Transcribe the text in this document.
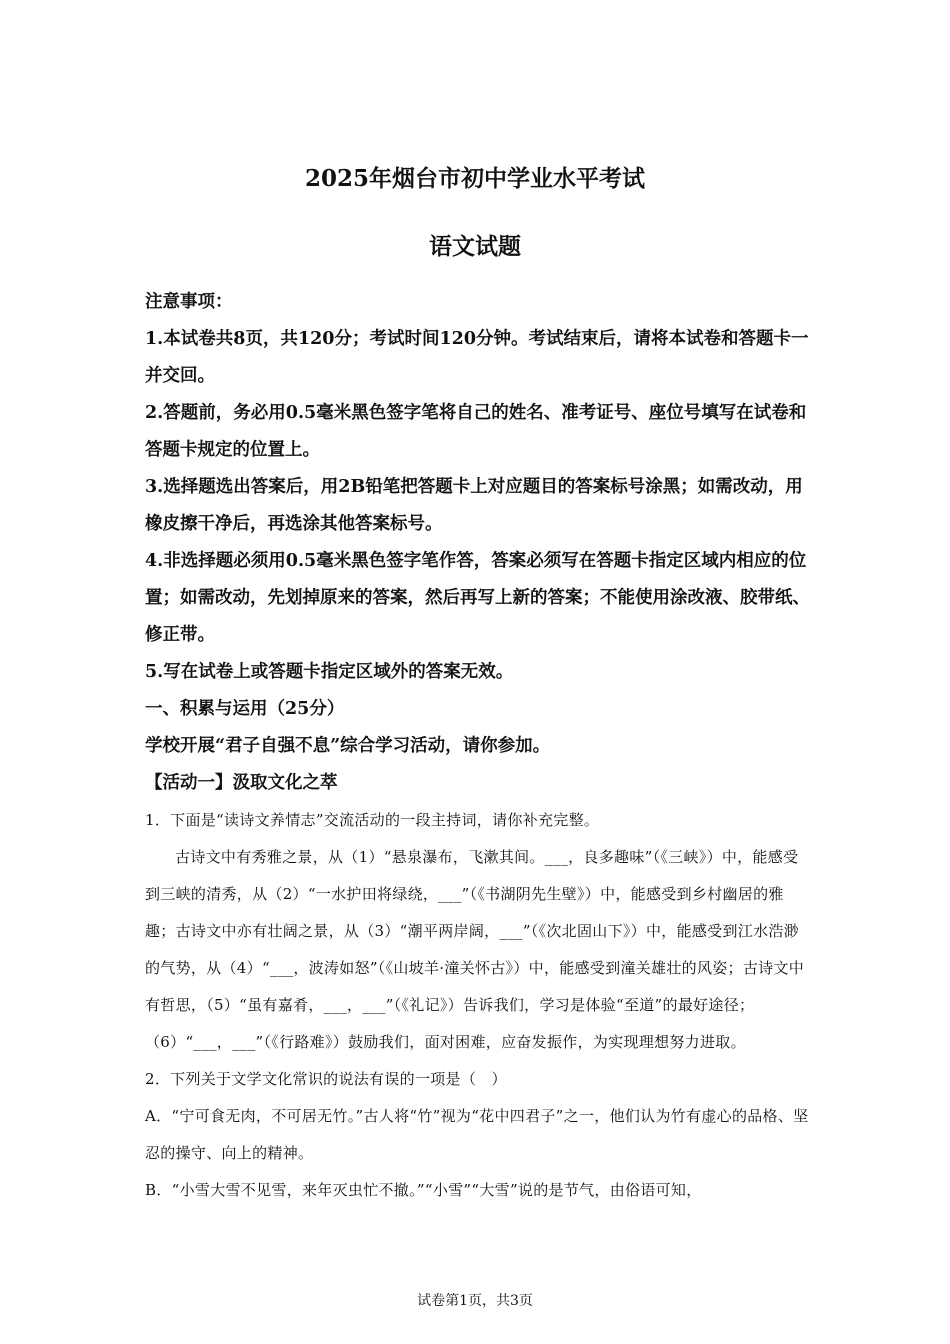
2025年烟台市初中学业水平考试
语文试题

注意事项：

1.本试卷共8页，共120分；考试时间120分钟。考试结束后，请将本试卷和答题卡一并交回。

2.答题前，务必用0.5毫米黑色签字笔将自己的姓名、准考证号、座位号填写在试卷和答题卡规定的位置上。

3.选择题选出答案后，用2B铅笔把答题卡上对应题目的答案标号涂黑；如需改动，用橡皮擦干净后，再选涂其他答案标号。

4.非选择题必须用0.5毫米黑色签字笔作答，答案必须写在答题卡指定区域内相应的位置；如需改动，先划掉原来的答案，然后再写上新的答案；不能使用涂改液、胶带纸、修正带。

5.写在试卷上或答题卡指定区域外的答案无效。

一、积累与运用（25分）

学校开展“君子自强不息”综合学习活动，请你参加。

【活动一】汲取文化之萃

1．下面是“读诗文养情志”交流活动的一段主持词，请你补充完整。

古诗文中有秀雅之景，从（1）“悬泉瀑布，飞漱其间。___，良多趣味”（《三峡》）中，能感受到三峡的清秀，从（2）“一水护田将绿绕，___”（《书湖阴先生壁》）中，能感受到乡村幽居的雅趣；古诗文中亦有壮阔之景，从（3）“潮平两岸阔，___”（《次北固山下》）中，能感受到江水浩渺的气势，从（4）“___，波涛如怒”（《山坡羊·潼关怀古》）中，能感受到潼关雄壮的风姿；古诗文中有哲思，（5）“虽有嘉肴，___，___”（《礼记》）告诉我们，学习是体验“至道”的最好途径；（6）“___，___”（《行路难》）鼓励我们，面对困难，应奋发振作，为实现理想努力进取。

2．下列关于文学文化常识的说法有误的一项是（　）

A．“宁可食无肉，不可居无竹。”古人将“竹”视为“花中四君子”之一，他们认为竹有虚心的品格、坚忍的操守、向上的精神。

B．“小雪大雪不见雪，来年灭虫忙不撤。”“小雪”“大雪”说的是节气，由俗语可知，

试卷第1页，共3页
